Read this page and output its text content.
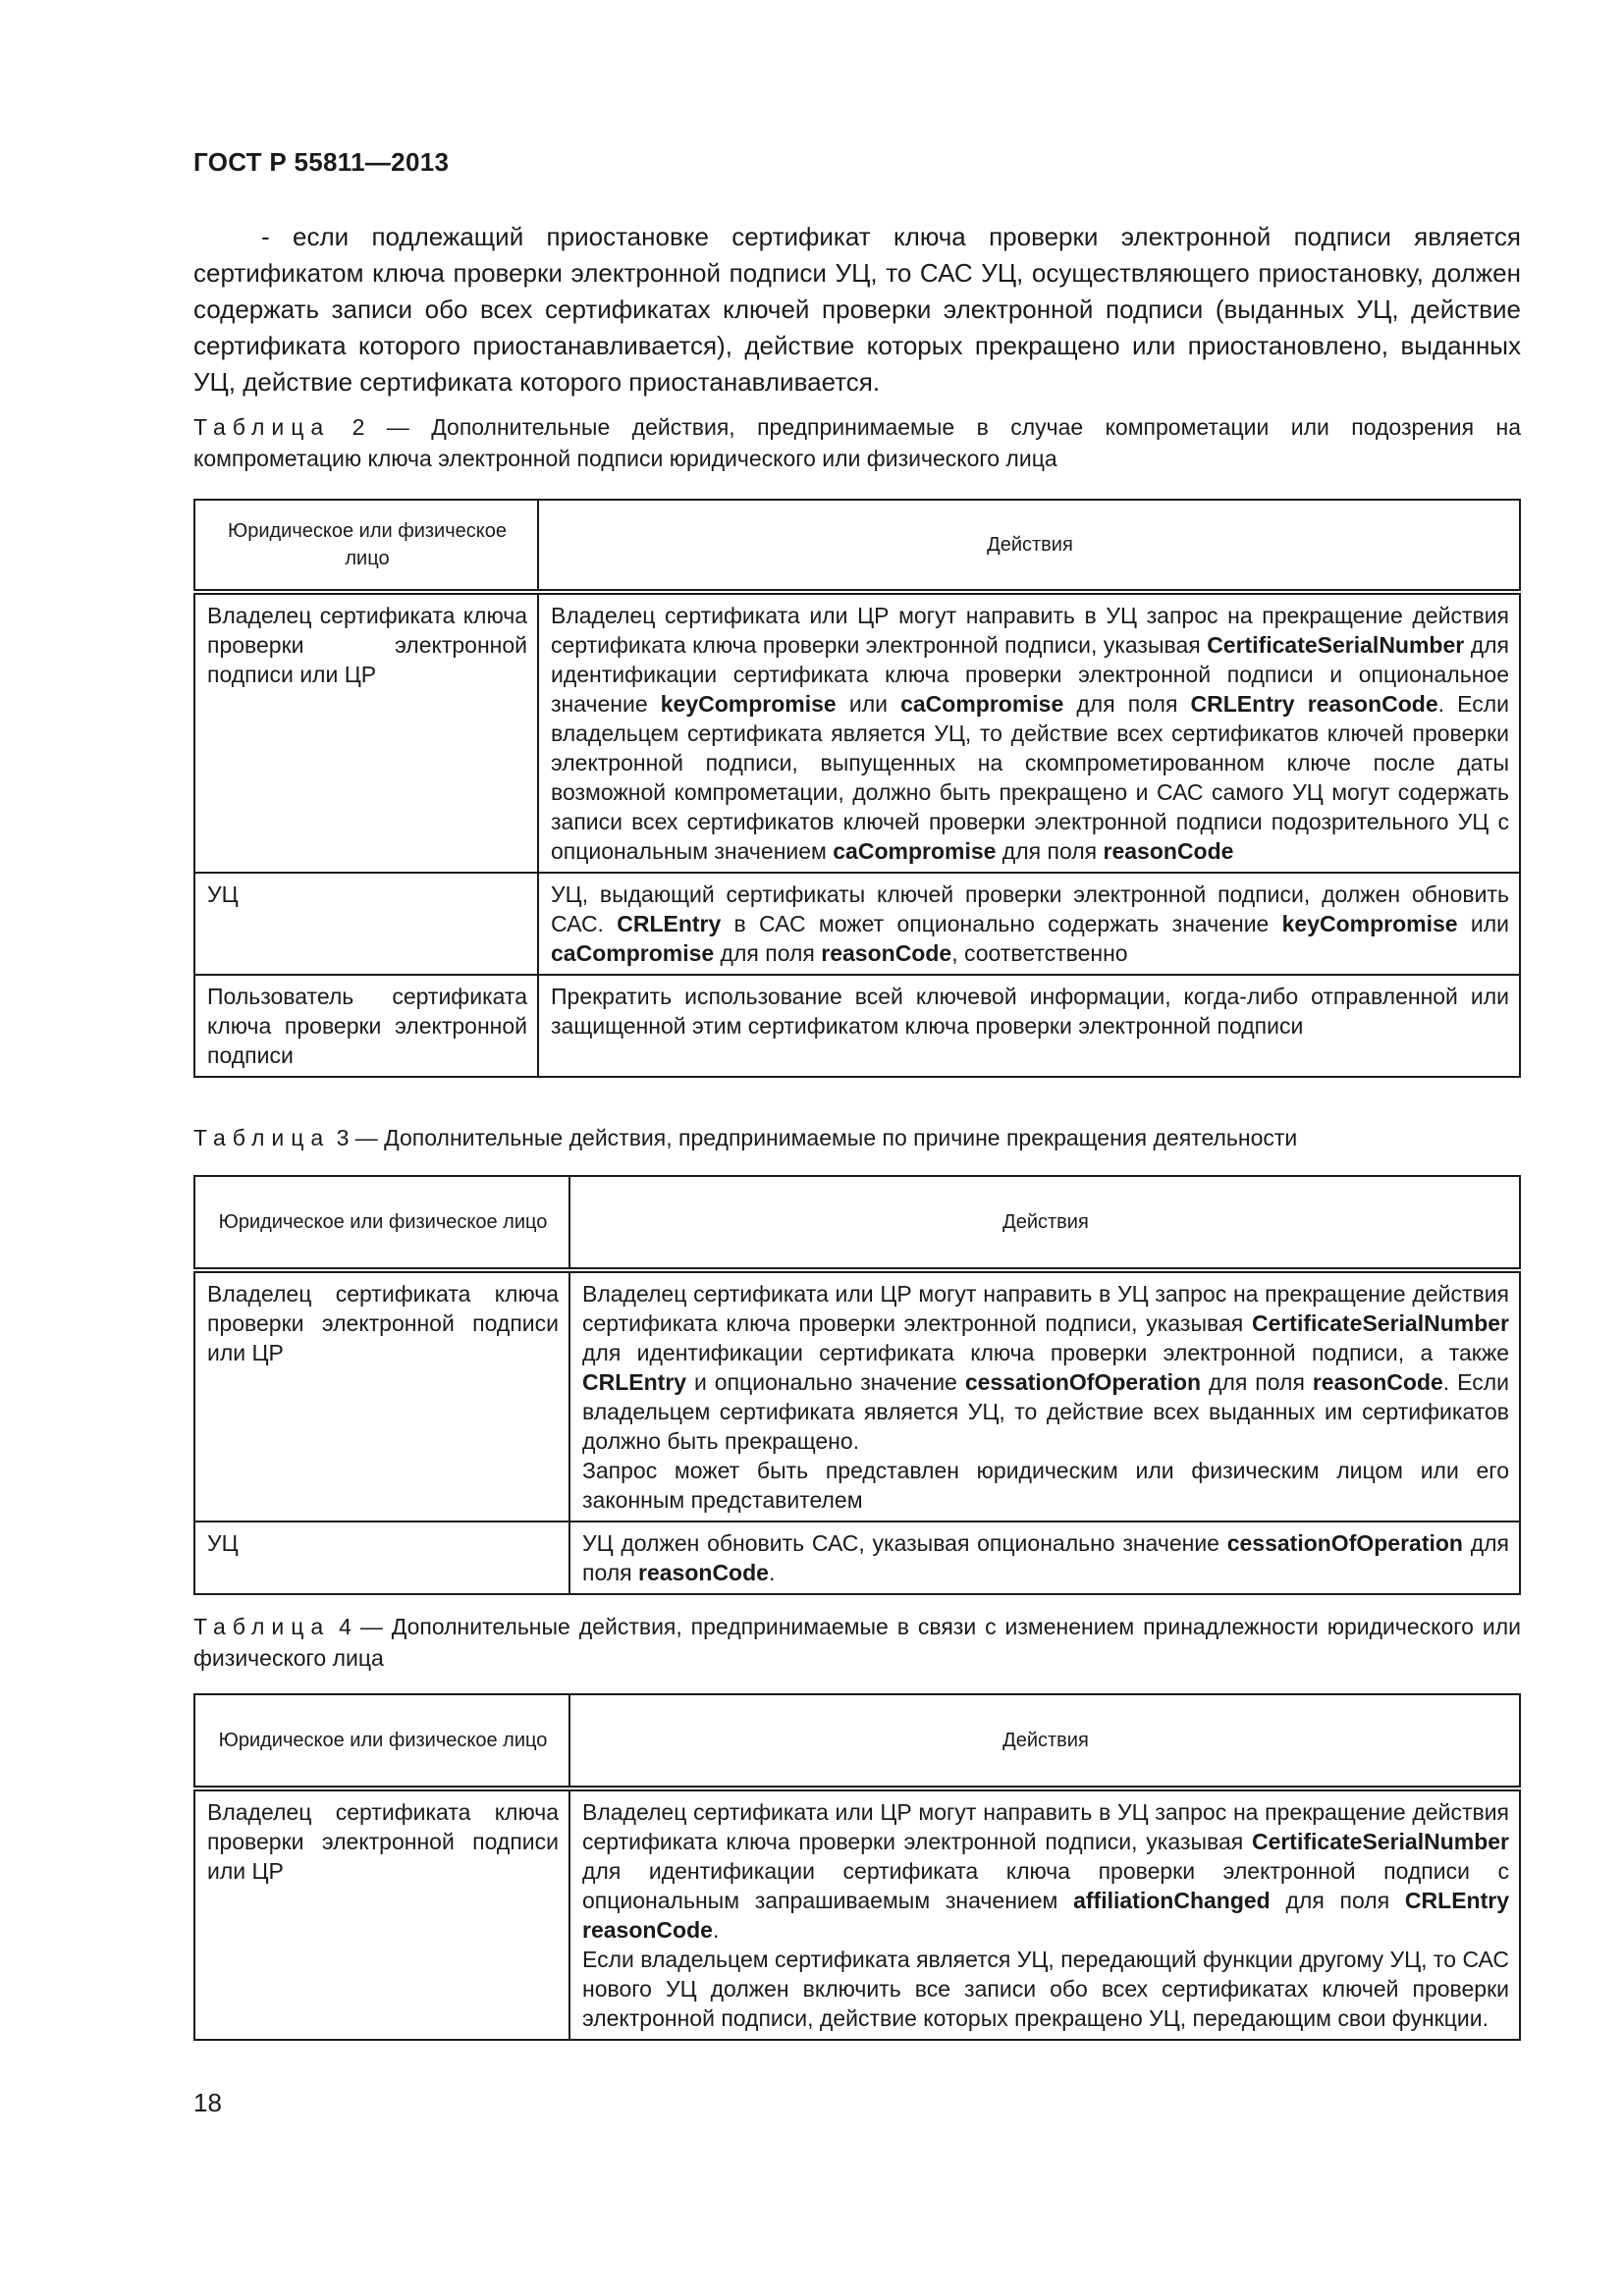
ГОСТ Р 55811—2013
- если подлежащий приостановке сертификат ключа проверки электронной подписи является сертификатом ключа проверки электронной подписи УЦ, то САС УЦ, осуществляющего приостановку, должен содержать записи обо всех сертификатах ключей проверки электронной подписи (выданных УЦ, действие сертификата которого приостанавливается), действие которых прекращено или приостановлено, выданных УЦ, действие сертификата которого приостанавливается.
Таблица 2 — Дополнительные действия, предпринимаемые в случае компрометации или подозрения на компрометацию ключа электронной подписи юридического или физического лица
Юридическое или физическое лицо	Действия
Владелец сертификата ключа проверки электронной подписи или ЦР	Владелец сертификата или ЦР могут направить в УЦ запрос на прекращение действия сертификата ключа проверки электронной подписи, указывая CertificateSerialNumber для идентификации сертификата ключа проверки электронной подписи и опциональное значение keyCompromise или caCompromise для поля CRLEntry reasonCode. Если владельцем сертификата является УЦ, то действие всех сертификатов ключей проверки электронной подписи, выпущенных на скомпрометированном ключе после даты возможной компрометации, должно быть прекращено и САС самого УЦ могут содержать записи всех сертификатов ключей проверки электронной подписи подозрительного УЦ с опциональным значением caCompromise для поля reasonCode
УЦ	УЦ, выдающий сертификаты ключей проверки электронной подписи, должен обновить САС. CRLEntry в САС может опционально содержать значение keyCompromise или caCompromise для поля reasonCode, соответственно
Пользователь сертификата ключа проверки электронной подписи	Прекратить использование всей ключевой информации, когда-либо отправленной или защищенной этим сертификатом ключа проверки электронной подписи
Таблица 3 — Дополнительные действия, предпринимаемые по причине прекращения деятельности
Юридическое или физическое лицо	Действия
Владелец сертификата ключа проверки электронной подписи или ЦР	Владелец сертификата или ЦР могут направить в УЦ запрос на прекращение действия сертификата ключа проверки электронной подписи, указывая CertificateSerialNumber для идентификации сертификата ключа проверки электронной подписи, а также CRLEntry и опционально значение cessationOfOperation для поля reasonCode. Если владельцем сертификата является УЦ, то действие всех выданных им сертификатов должно быть прекращено.
Запрос может быть представлен юридическим или физическим лицом или его законным представителем
УЦ	УЦ должен обновить САС, указывая опционально значение cessationOfOperation для поля reasonCode.
Таблица 4 — Дополнительные действия, предпринимаемые в связи с изменением принадлежности юридического или физического лица
Юридическое или физическое лицо	Действия
Владелец сертификата ключа проверки электронной подписи или ЦР	Владелец сертификата или ЦР могут направить в УЦ запрос на прекращение действия сертификата ключа проверки электронной подписи, указывая CertificateSerialNumber для идентификации сертификата ключа проверки электронной подписи с опциональным запрашиваемым значением affiliationChanged для поля CRLEntry reasonCode.
Если владельцем сертификата является УЦ, передающий функции другому УЦ, то САС нового УЦ должен включить все записи обо всех сертификатах ключей проверки электронной подписи, действие которых прекращено УЦ, передающим свои функции.
18
